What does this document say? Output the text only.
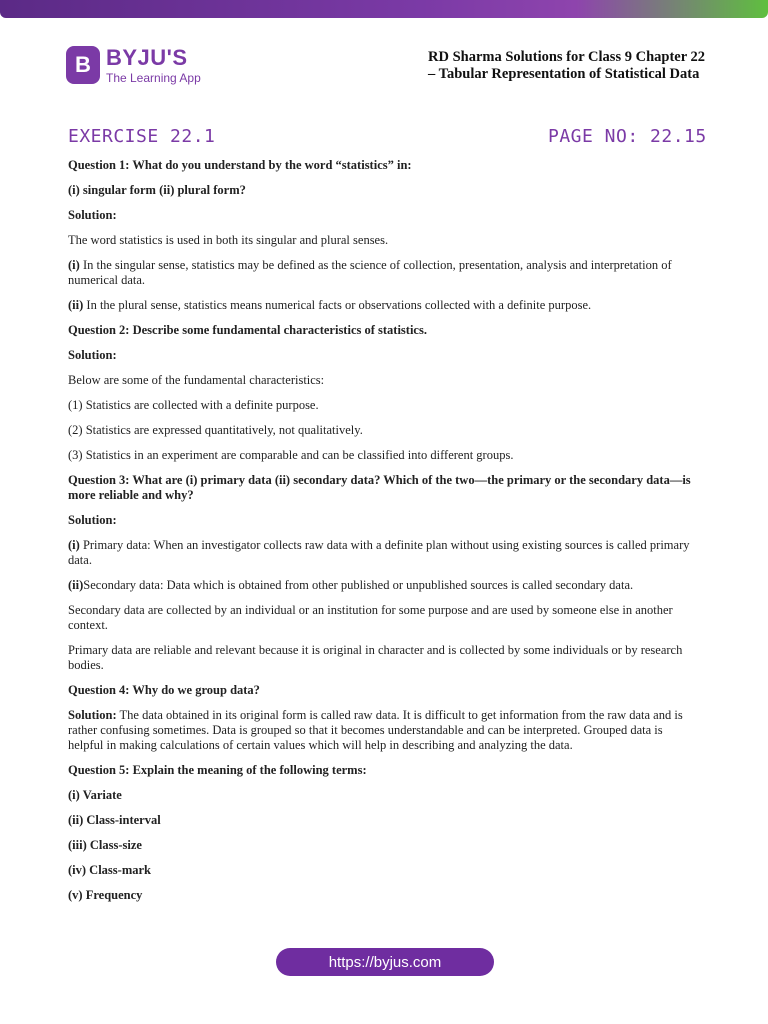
B BYJU'S
The Learning App
RD Sharma Solutions for Class 9 Chapter 22
– Tabular Representation of Statistical Data
EXERCISE 22.1	PAGE NO: 22.15

Question 1: What do you understand by the word “statistics” in:

(i) singular form (ii) plural form?

Solution:

The word statistics is used in both its singular and plural senses.

(i) In the singular sense, statistics may be defined as the science of collection, presentation, analysis and interpretation of numerical data.

(ii) In the plural sense, statistics means numerical facts or observations collected with a definite purpose.

Question 2: Describe some fundamental characteristics of statistics.

Solution:

Below are some of the fundamental characteristics:

(1) Statistics are collected with a definite purpose.

(2) Statistics are expressed quantitatively, not qualitatively.

(3) Statistics in an experiment are comparable and can be classified into different groups.

Question 3: What are (i) primary data (ii) secondary data? Which of the two—the primary or the secondary data—is more reliable and why?

Solution:

(i) Primary data: When an investigator collects raw data with a definite plan without using existing sources is called primary data.

(ii)Secondary data: Data which is obtained from other published or unpublished sources is called secondary data.

Secondary data are collected by an individual or an institution for some purpose and are used by someone else in another context.

Primary data are reliable and relevant because it is original in character and is collected by some individuals or by research bodies.

Question 4: Why do we group data?

Solution: The data obtained in its original form is called raw data. It is difficult to get information from the raw data and is rather confusing sometimes. Data is grouped so that it becomes understandable and can be interpreted. Grouped data is helpful in making calculations of certain values which will help in describing and analyzing the data.

Question 5: Explain the meaning of the following terms:

(i) Variate

(ii) Class-interval

(iii) Class-size

(iv) Class-mark

(v) Frequency

https://byjus.com
